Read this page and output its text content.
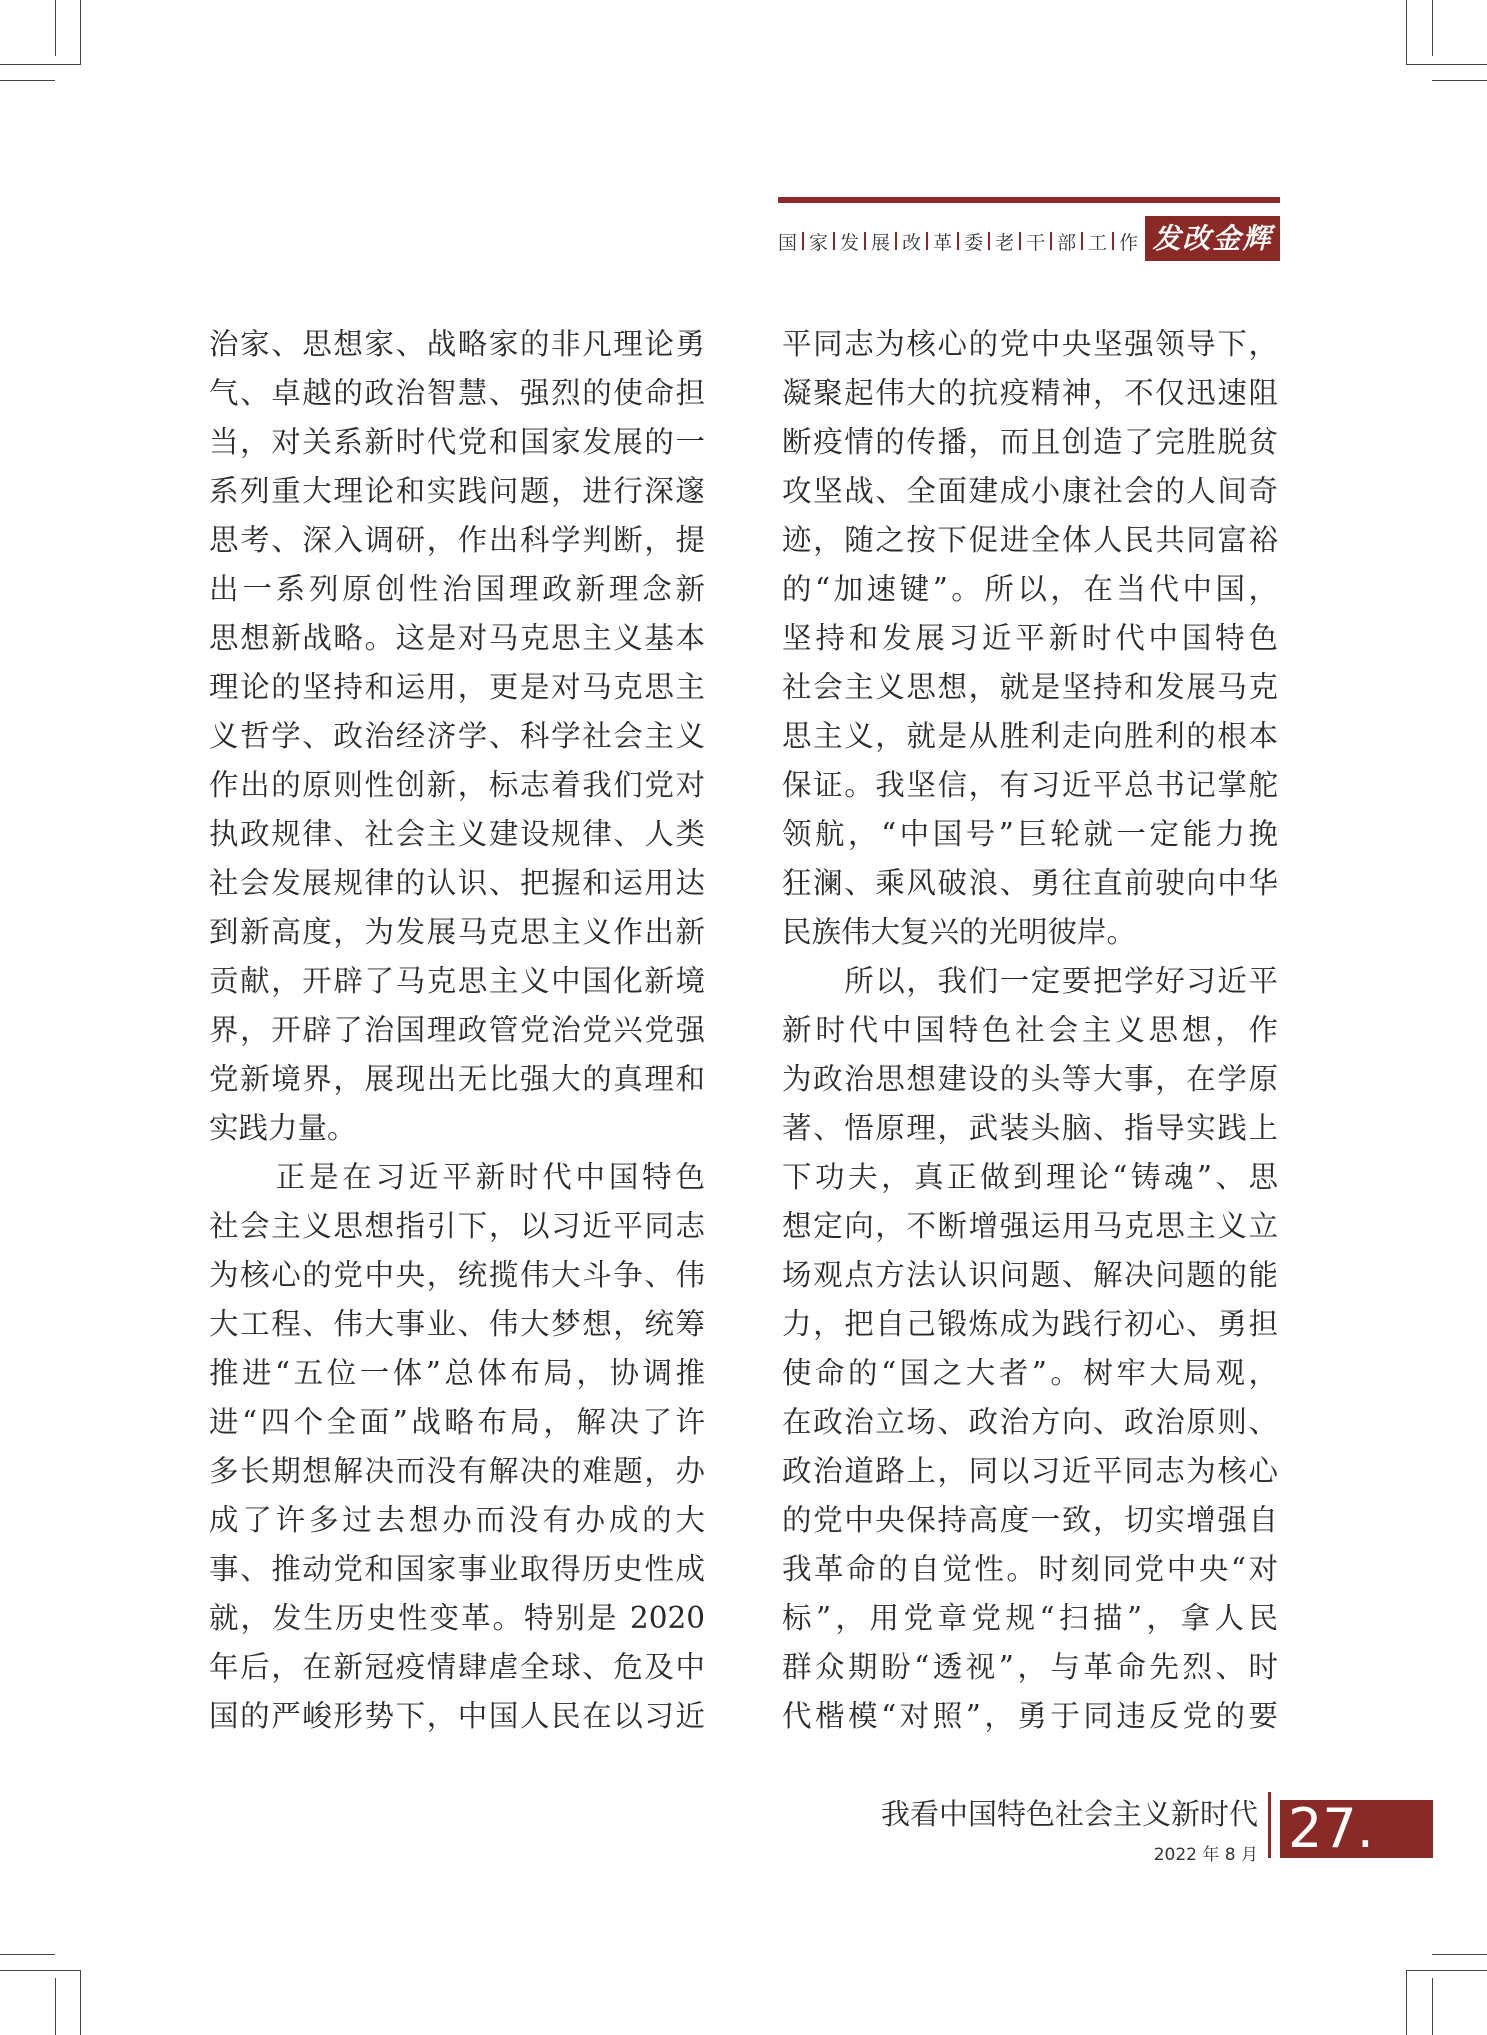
国 家 发 展 改 革 委 老 干 部 工 作 发改金辉
治家、思想家、战略家的非凡理论勇
气、卓越的政治智慧、强烈的使命担
当，对关系新时代党和国家发展的一
系列重大理论和实践问题，进行深邃
思考、深入调研，作出科学判断，提
出一系列原创性治国理政新理念新
思想新战略。这是对马克思主义基本
理论的坚持和运用，更是对马克思主
义哲学、政治经济学、科学社会主义
作出的原则性创新，标志着我们党对
执政规律、社会主义建设规律、人类
社会发展规律的认识、把握和运用达
到新高度，为发展马克思主义作出新
贡献，开辟了马克思主义中国化新境
界，开辟了治国理政管党治党兴党强
党新境界，展现出无比强大的真理和
实践力量。
　　正是在习近平新时代中国特色
社会主义思想指引下，以习近平同志
为核心的党中央，统揽伟大斗争、伟
大工程、伟大事业、伟大梦想，统筹
推进“五位一体”总体布局，协调推
进“四个全面”战略布局，解决了许
多长期想解决而没有解决的难题，办
成了许多过去想办而没有办成的大
事、推动党和国家事业取得历史性成
就，发生历史性变革。特别是 2020
年后，在新冠疫情肆虐全球、危及中
国的严峻形势下，中国人民在以习近
平同志为核心的党中央坚强领导下，
凝聚起伟大的抗疫精神，不仅迅速阻
断疫情的传播，而且创造了完胜脱贫
攻坚战、全面建成小康社会的人间奇
迹，随之按下促进全体人民共同富裕
的“加速键”。所以，在当代中国，
坚持和发展习近平新时代中国特色
社会主义思想，就是坚持和发展马克
思主义，就是从胜利走向胜利的根本
保证。我坚信，有习近平总书记掌舵
领航，“中国号”巨轮就一定能力挽
狂澜、乘风破浪、勇往直前驶向中华
民族伟大复兴的光明彼岸。
　　所以，我们一定要把学好习近平
新时代中国特色社会主义思想，作
为政治思想建设的头等大事，在学原
著、悟原理，武装头脑、指导实践上
下功夫，真正做到理论“铸魂”、思
想定向，不断增强运用马克思主义立
场观点方法认识问题、解决问题的能
力，把自己锻炼成为践行初心、勇担
使命的“国之大者”。树牢大局观，
在政治立场、政治方向、政治原则、
政治道路上，同以习近平同志为核心
的党中央保持高度一致，切实增强自
我革命的自觉性。时刻同党中央“对
标”，用党章党规“扫描”，拿人民
群众期盼“透视”，与革命先烈、时
代楷模“对照”，勇于同违反党的要
我看中国特色社会主义新时代
2022 年 8 月 27.
